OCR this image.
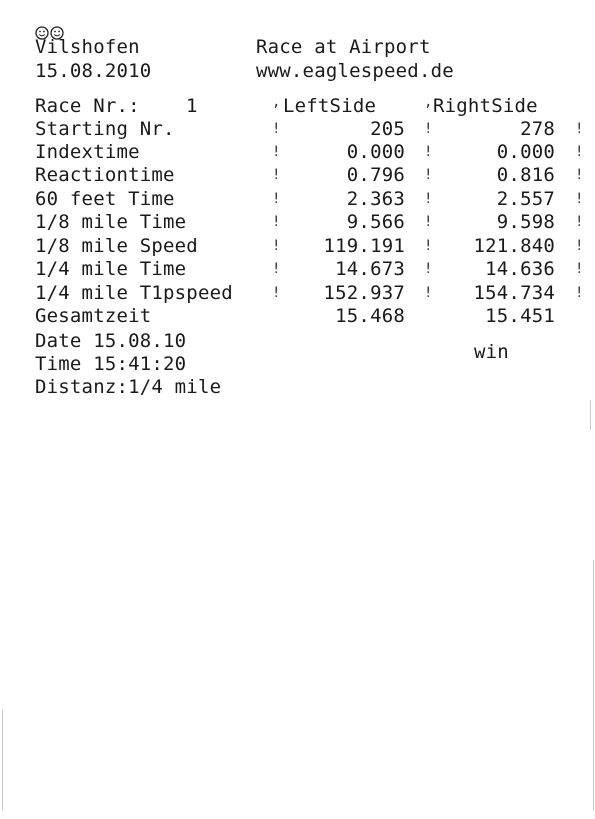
Vilshofen
15.08.2010
Race at Airport
www.eaglespeed.de
Race Nr.: 1	LeftSide	RightSide
,	,
Starting Nr.	205	278
Indextime	0.000	0.000
Reactiontime	0.796	0.816
60 feet Time	2.363	2.557
1/8 mile Time	9.566	9.598
1/8 mile Speed	119.191	121.840
1/4 mile Time	14.673	14.636
1/4 mile T1pspeed	152.937	154.734
Gesamtzeit	15.468	15.451
!	!	!
!	!	!
!	!	!
!	!	!
!	!	!
!	!	!
!	!	!
!	!	!
Date 15.08.10
Time 15:41:20
Distanz:1/4 mile
win
